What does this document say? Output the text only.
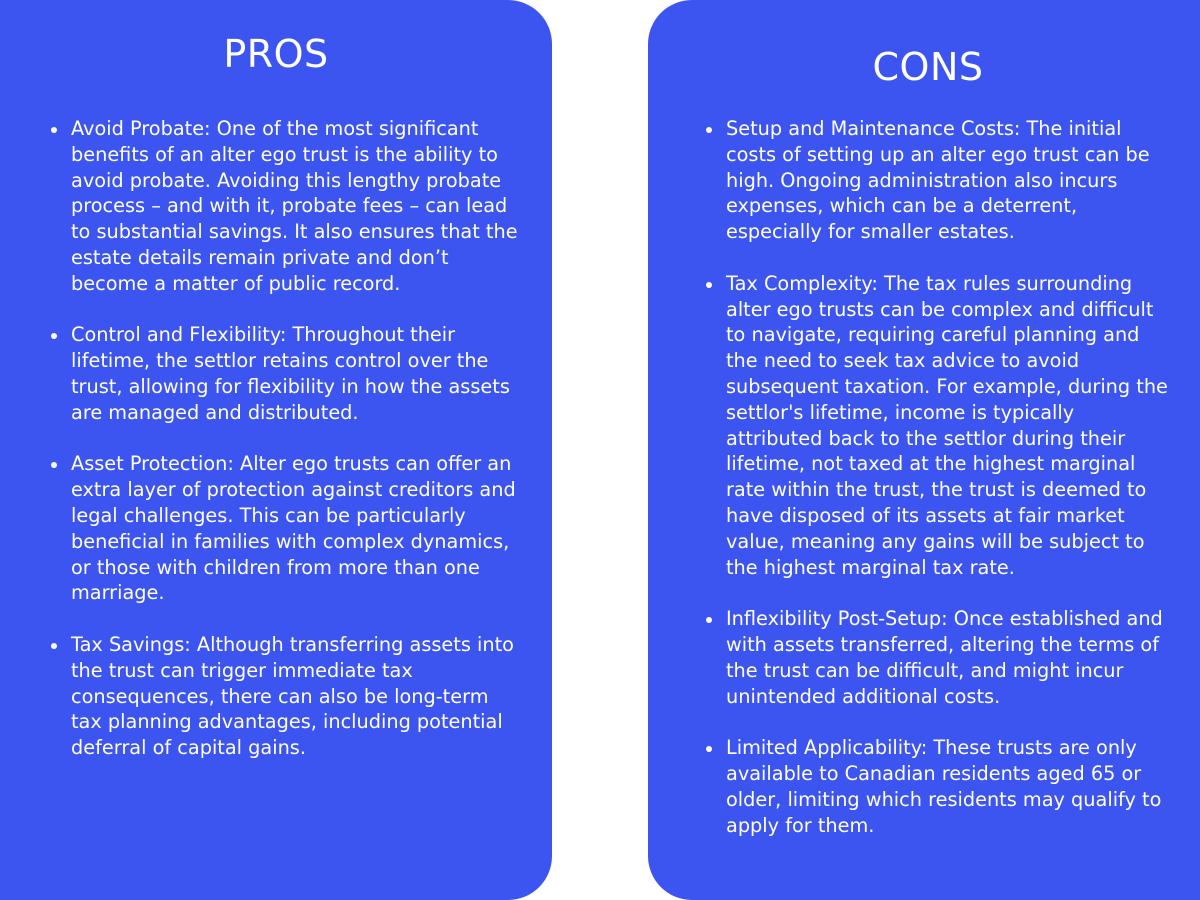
PROS
Avoid Probate: One of the most significant benefits of an alter ego trust is the ability to avoid probate. Avoiding this lengthy probate process – and with it, probate fees – can lead to substantial savings. It also ensures that the estate details remain private and don’t become a matter of public record.
Control and Flexibility: Throughout their lifetime, the settlor retains control over the trust, allowing for flexibility in how the assets are managed and distributed.
Asset Protection: Alter ego trusts can offer an extra layer of protection against creditors and legal challenges. This can be particularly beneficial in families with complex dynamics, or those with children from more than one marriage.
Tax Savings: Although transferring assets into the trust can trigger immediate tax consequences, there can also be long-term tax planning advantages, including potential deferral of capital gains.
CONS
Setup and Maintenance Costs: The initial costs of setting up an alter ego trust can be high. Ongoing administration also incurs expenses, which can be a deterrent, especially for smaller estates.
Tax Complexity: The tax rules surrounding alter ego trusts can be complex and difficult to navigate, requiring careful planning and the need to seek tax advice to avoid subsequent taxation. For example, during the settlor's lifetime, income is typically attributed back to the settlor during their lifetime, not taxed at the highest marginal rate within the trust, the trust is deemed to have disposed of its assets at fair market value, meaning any gains will be subject to the highest marginal tax rate.
Inflexibility Post-Setup: Once established and with assets transferred, altering the terms of the trust can be difficult, and might incur unintended additional costs.
Limited Applicability: These trusts are only available to Canadian residents aged 65 or older, limiting which residents may qualify to apply for them.
